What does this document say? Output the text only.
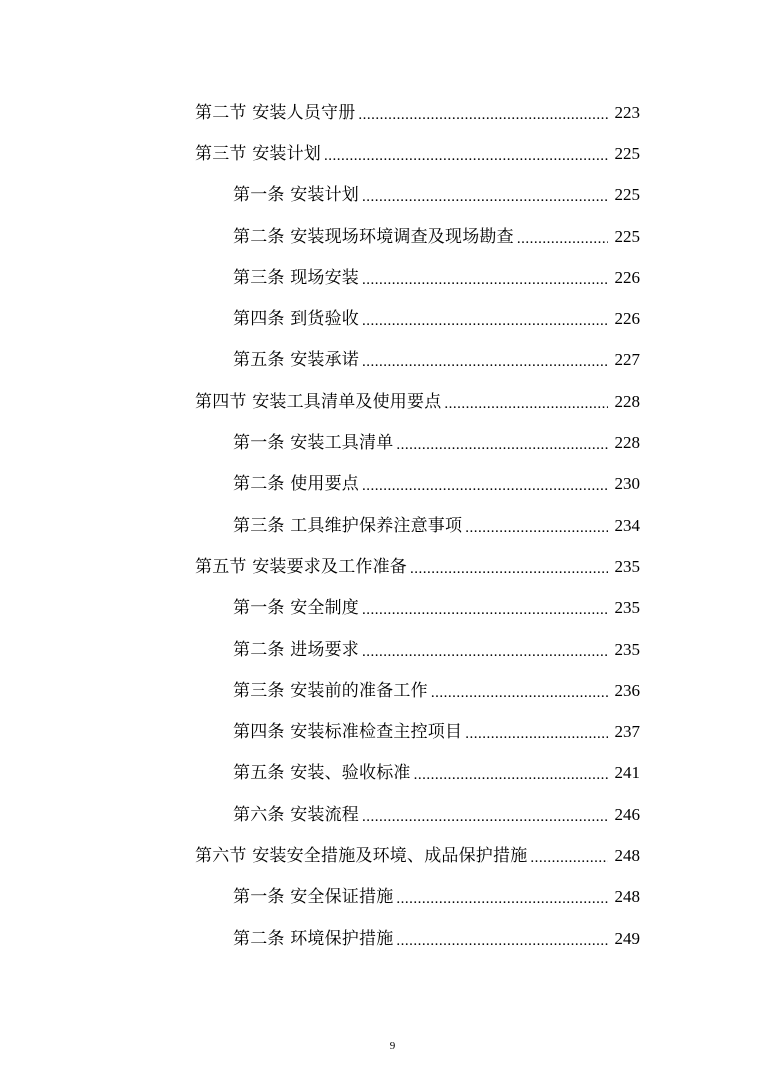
第二节 安装人员守册 .....	223
第三节 安装计划 .....	225
第一条 安装计划 .....	225
第二条 安装现场环境调查及现场勘查 .....	225
第三条 现场安装 .....	226
第四条 到货验收 .....	226
第五条 安装承诺 .....	227
第四节 安装工具清单及使用要点 .....	228
第一条 安装工具清单 .....	228
第二条 使用要点 .....	230
第三条 工具维护保养注意事项 .....	234
第五节 安装要求及工作准备 .....	235
第一条 安全制度 .....	235
第二条 进场要求 .....	235
第三条 安装前的准备工作 .....	236
第四条 安装标准检查主控项目 .....	237
第五条 安装、验收标准 .....	241
第六条 安装流程 .....	246
第六节 安装安全措施及环境、成品保护措施 .....	248
第一条 安全保证措施 .....	248
第二条 环境保护措施 .....	249
9
